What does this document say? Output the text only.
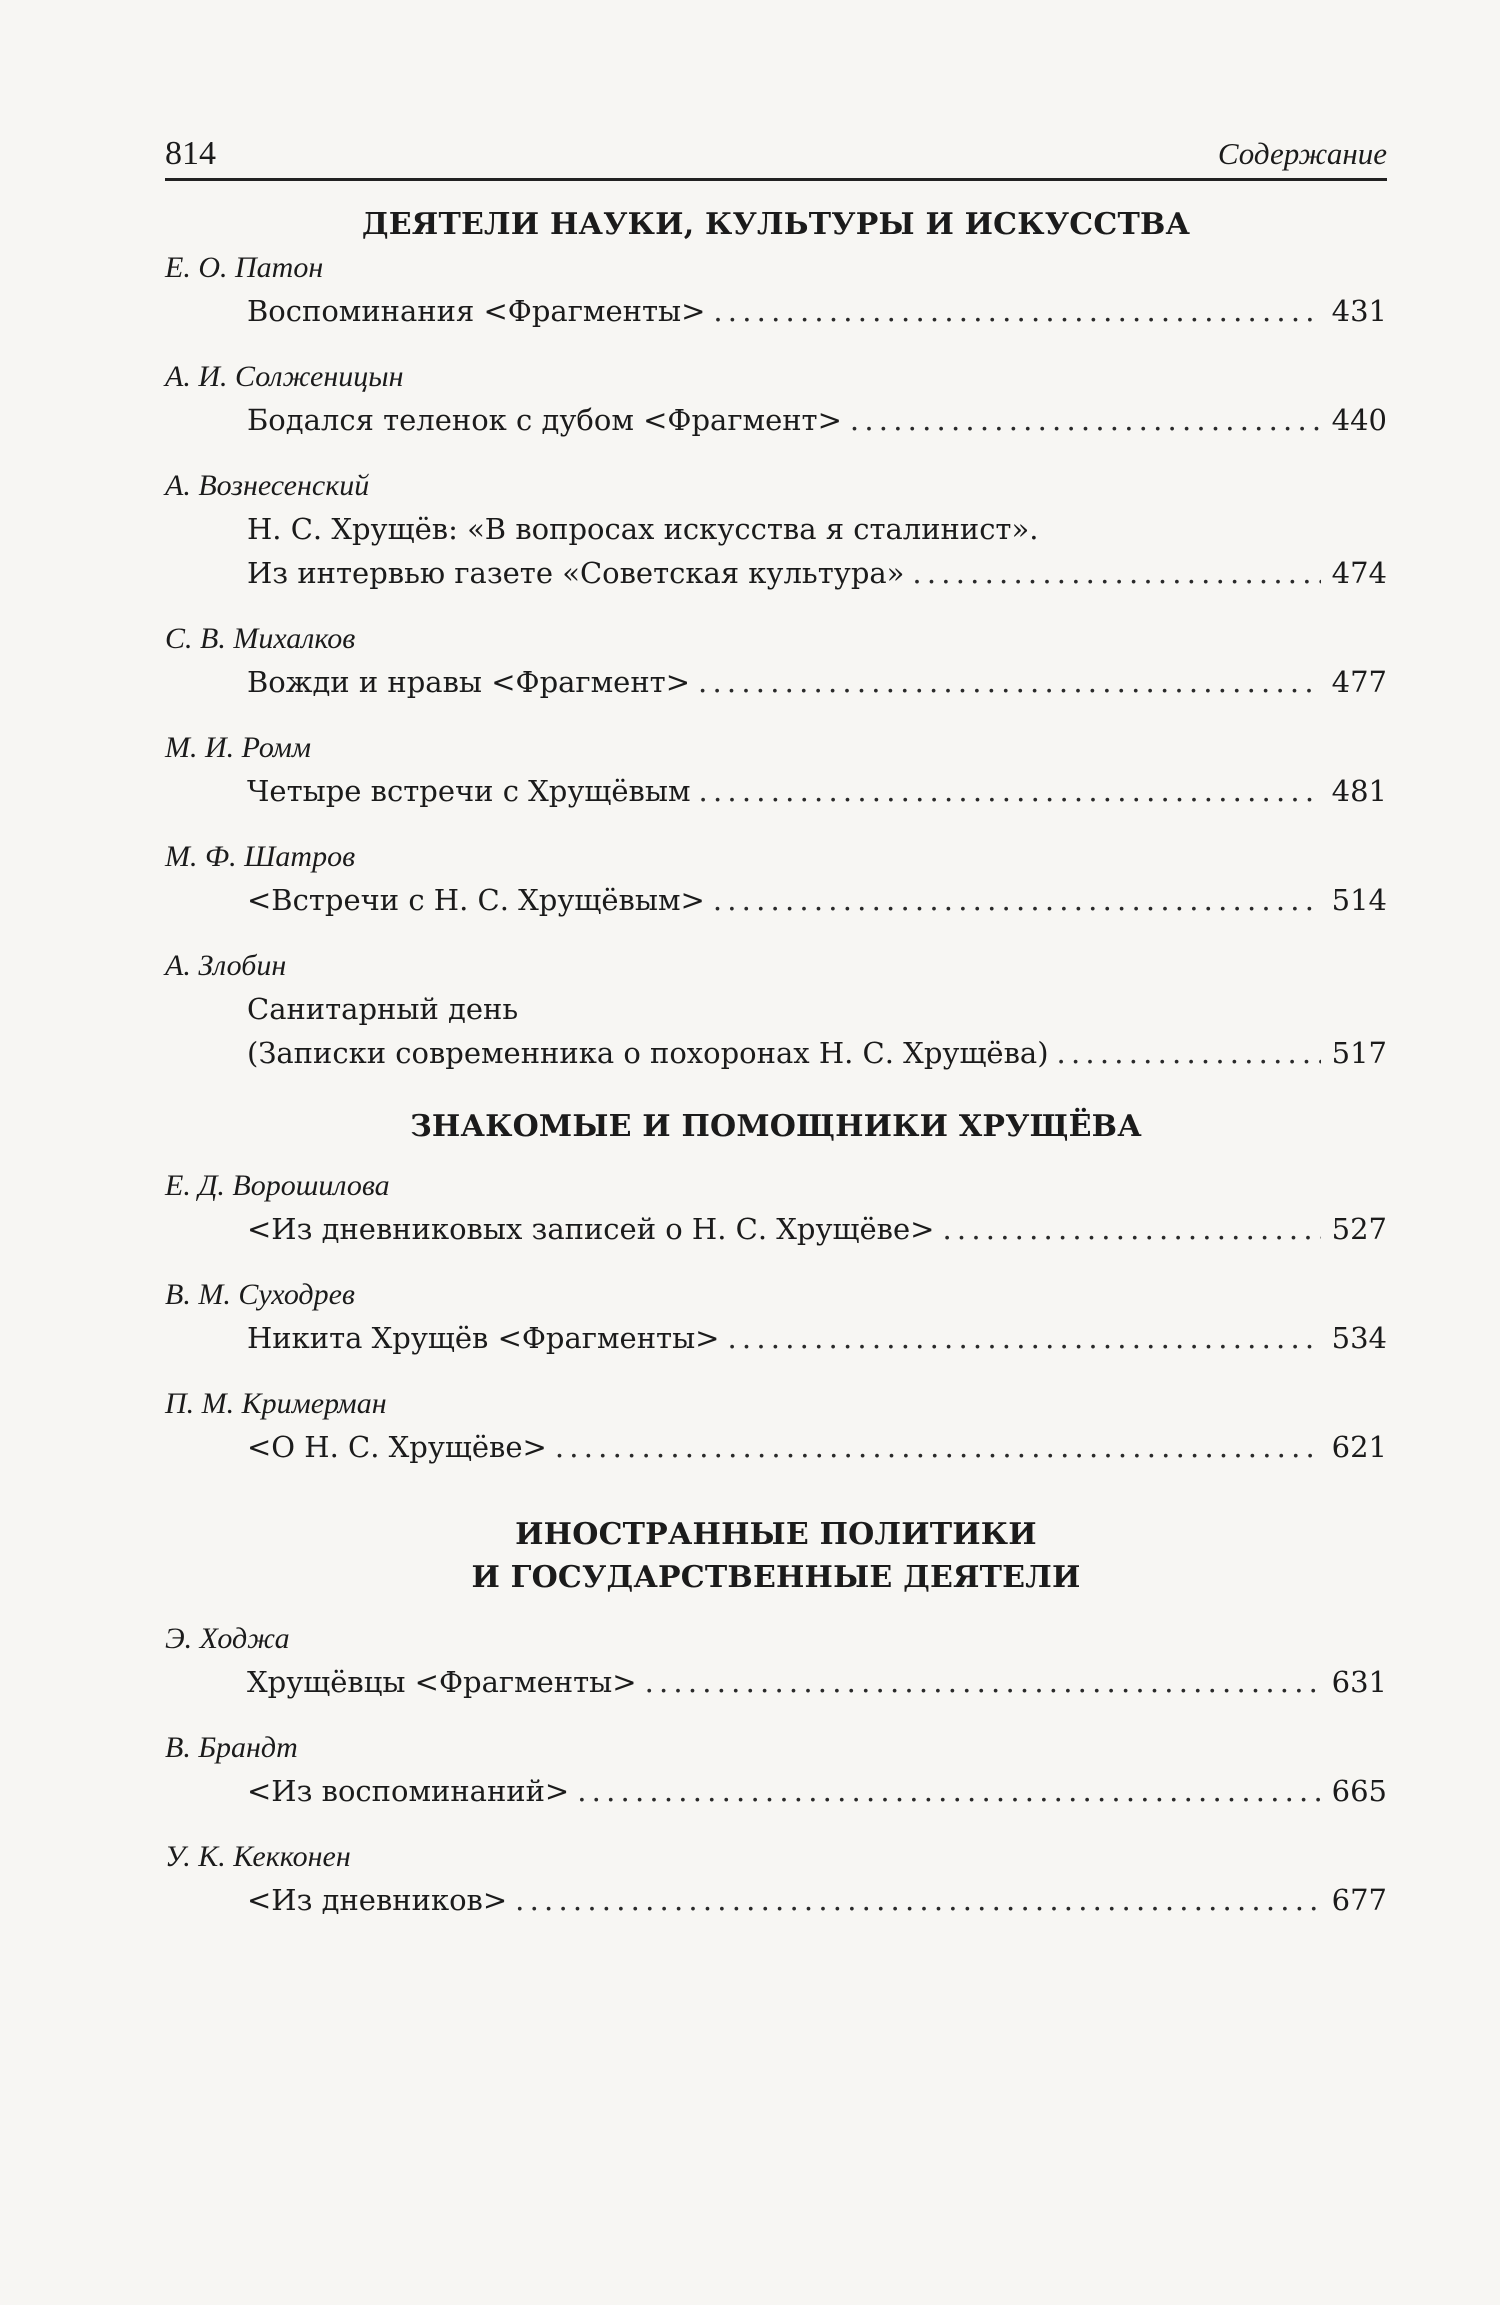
814	Содержание
ДЕЯТЕЛИ НАУКИ, КУЛЬТУРЫ И ИСКУССТВА
Е. О. Патон
Воспоминания <Фрагменты> . . .	431
А. И. Солженицын
Бодался теленок с дубом <Фрагмент> . . .	440
А. Вознесенский
Н. С. Хрущёв: «В вопросах искусства я сталинист».
Из интервью газете «Советская культура» . . .	474
С. В. Михалков
Вожди и нравы <Фрагмент> . . .	477
М. И. Ромм
Четыре встречи с Хрущёвым . . .	481
М. Ф. Шатров
<Встречи с Н. С. Хрущёвым> . . .	514
А. Злобин
Санитарный день
(Записки современника о похоронах Н. С. Хрущёва) . . .	517
ЗНАКОМЫЕ И ПОМОЩНИКИ ХРУЩЁВА
Е. Д. Ворошилова
<Из дневниковых записей о Н. С. Хрущёве> . . .	527
В. М. Суходрев
Никита Хрущёв <Фрагменты> . . .	534
П. М. Кримерман
<О Н. С. Хрущёве> . . .	621
ИНОСТРАННЫЕ ПОЛИТИКИ
И ГОСУДАРСТВЕННЫЕ ДЕЯТЕЛИ
Э. Ходжа
Хрущёвцы <Фрагменты> . . .	631
В. Брандт
<Из воспоминаний> . . .	665
У. К. Кекконен
<Из дневников> . . .	677
